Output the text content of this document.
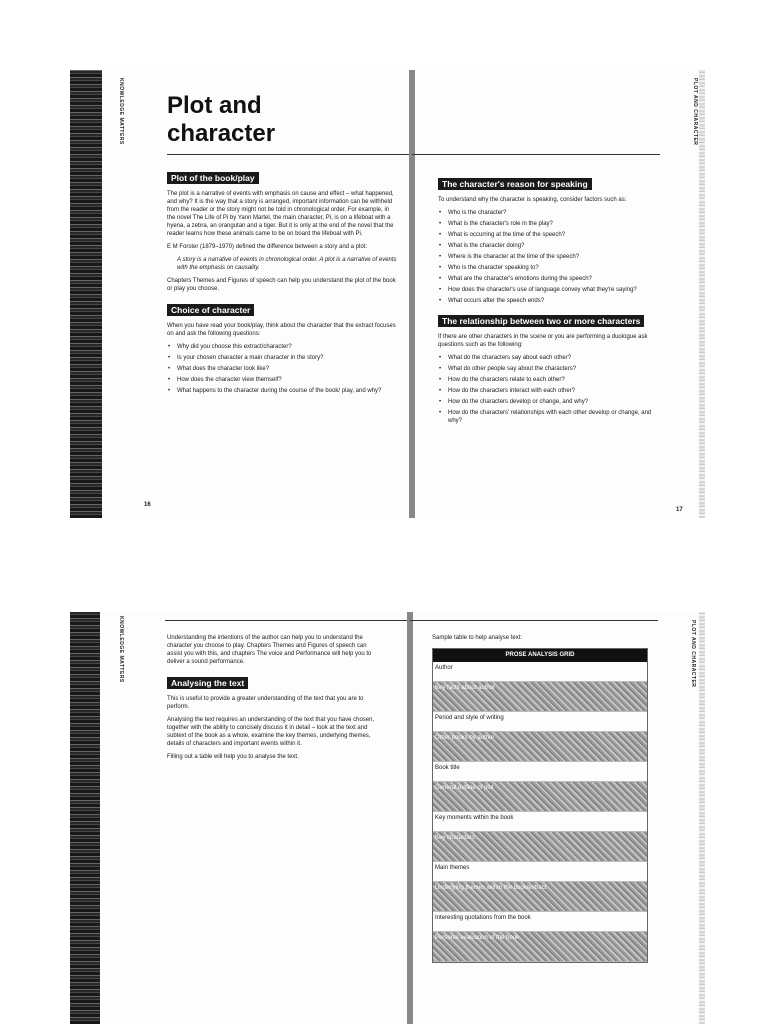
KNOWLEDGE MATTERS Plot and
character
Plot of the book/play

The plot is a narrative of events with emphasis on cause and effect – what happened, and why? It is the way that a story is arranged, important information can be withheld from the reader or the story might not be told in chronological order. For example, in the novel The Life of Pi by Yann Martel, the main character, Pi, is on a lifeboat with a hyena, a zebra, an orangutan and a tiger. But it is only at the end of the novel that the reader learns how these animals came to be on board the lifeboat with Pi.

E M Forster (1879–1970) defined the difference between a story and a plot:

A story is a narrative of events in chronological order. A plot is a narrative of events with the emphasis on causality.

Chapters Themes and Figures of speech can help you understand the plot of the book or play you choose.

Choice of character

When you have read your book/play, think about the character that the extract focuses on and ask the following questions:

• Why did you choose this extract/character?
• Is your chosen character a main character in the story?
• What does the character look like?
• How does the character view themself?
• What happens to the character during the course of the book/ play, and why?
16
The character's reason for speaking

To understand why the character is speaking, consider factors such as:

• Who is the character?
• What is the character's role in the play?
• What is occurring at the time of the speech?
• What is the character doing?
• Where is the character at the time of the speech?
• Who is the character speaking to?
• What are the character's emotions during the speech?
• How does the character's use of language convey what they're saying?
• What occurs after the speech ends?
The relationship between two or more characters

If there are other characters in the scene or you are performing a duologue ask questions such as the following:

• What do the characters say about each other?
• What do other people say about the characters?
• How do the characters relate to each other?
• How do the characters interact with each other?
• How do the characters develop or change, and why?
• How do the characters' relationships with each other develop or change, and why?
PLOT AND CHARACTER
17
KNOWLEDGE MATTERS	Understanding the intentions of the author can help you to understand the character you choose to play. Chapters Themes and Figures of speech can assist you with this, and chapters The voice and Performance will help you to deliver a sound performance.

Analysing the text

This is useful to provide a greater understanding of the text that you are to perform.

Analysing the text requires an understanding of the text that you have chosen, together with the ability to concisely discuss it in detail – look at the text and subtext of the book as a whole, examine the key themes, underlying themes, details of characters and important events within it.

Filling out a table will help you to analyse the text.

Sample table to help analyse text:

PROSE ANALYSIS GRID
Author
Key facts about author
Period and style of writing
Other books by author
Book title
General outline of plot
Key moments within the book
Key characters
Main themes
Underlying themes within the book/extract
Interesting quotations from the book
Personal evaluation of the book
PLOT AND CHARACTER
